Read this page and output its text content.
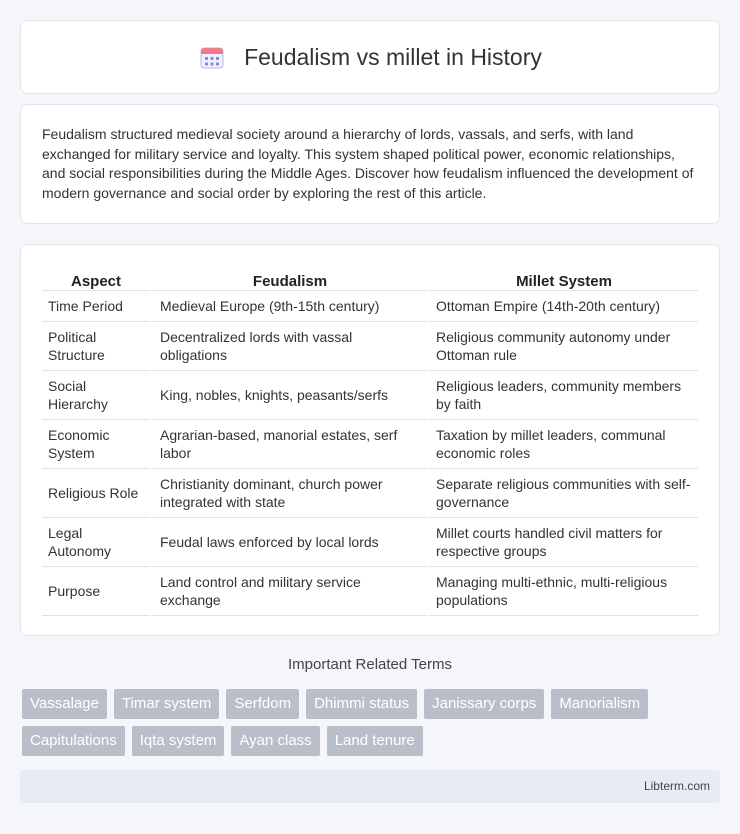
Feudalism vs millet in History

Feudalism structured medieval society around a hierarchy of lords, vassals, and serfs, with land exchanged for military service and loyalty. This system shaped political power, economic relationships, and social responsibilities during the Middle Ages. Discover how feudalism influenced the development of modern governance and social order by exploring the rest of this article.

Aspect	Feudalism	Millet System
Time Period	Medieval Europe (9th-15th century)	Ottoman Empire (14th-20th century)
Political Structure	Decentralized lords with vassal obligations	Religious community autonomy under Ottoman rule
Social Hierarchy	King, nobles, knights, peasants/serfs	Religious leaders, community members by faith
Economic System	Agrarian-based, manorial estates, serf labor	Taxation by millet leaders, communal economic roles
Religious Role	Christianity dominant, church power integrated with state	Separate religious communities with self-governance
Legal Autonomy	Feudal laws enforced by local lords	Millet courts handled civil matters for respective groups
Purpose	Land control and military service exchange	Managing multi-ethnic, multi-religious populations
Important Related Terms
Vassalage	Timar system	Serfdom	Dhimmi status	Janissary corps	Manorialism
Capitulations	Iqta system	Ayan class	Land tenure
Libterm.com
